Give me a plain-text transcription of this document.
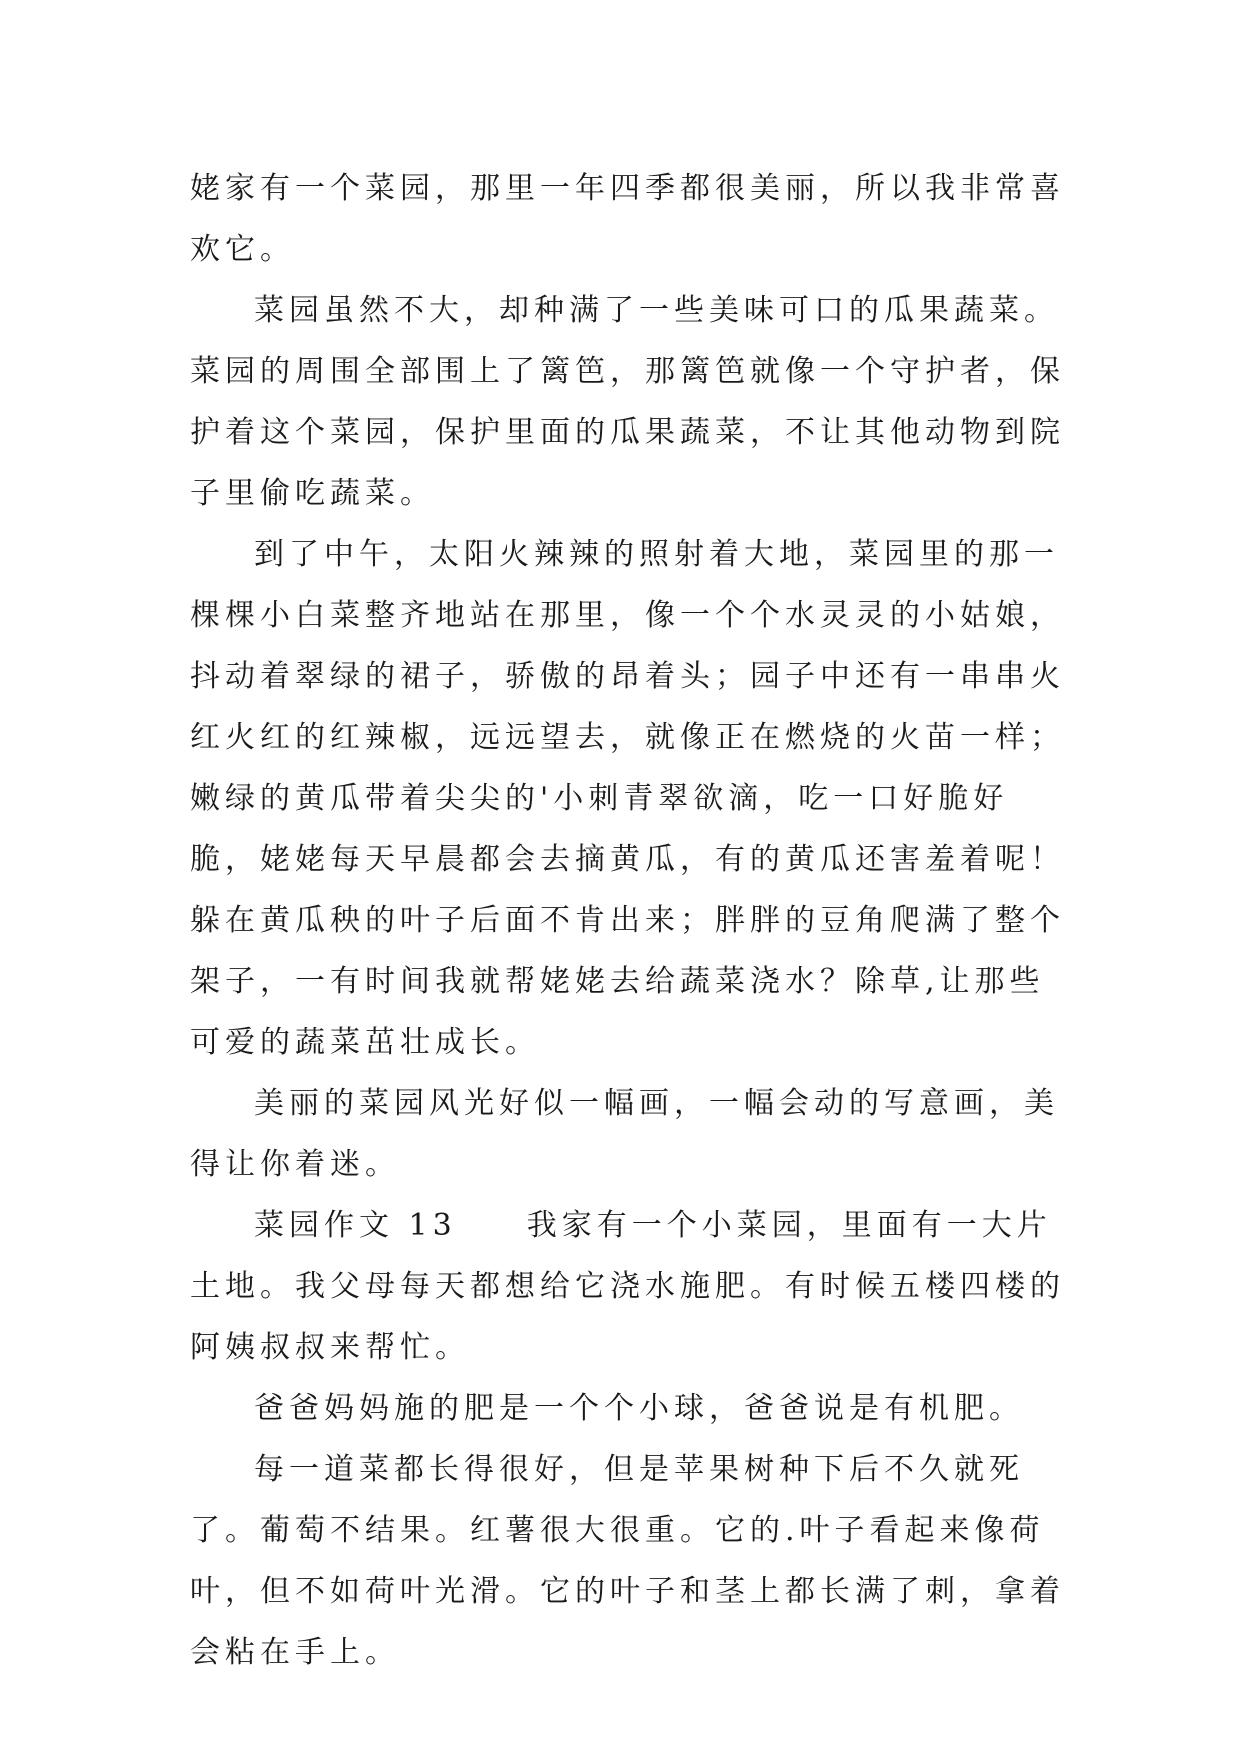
姥家有一个菜园，那里一年四季都很美丽，所以我非常喜欢它。

菜园虽然不大，却种满了一些美味可口的瓜果蔬菜。菜园的周围全部围上了篱笆，那篱笆就像一个守护者，保护着这个菜园，保护里面的瓜果蔬菜，不让其他动物到院子里偷吃蔬菜。

到了中午，太阳火辣辣的照射着大地，菜园里的那一棵棵小白菜整齐地站在那里，像一个个水灵灵的小姑娘，抖动着翠绿的裙子，骄傲的昂着头；园子中还有一串串火红火红的红辣椒，远远望去，就像正在燃烧的火苗一样；嫩绿的黄瓜带着尖尖的'小刺青翠欲滴，吃一口好脆好脆，姥姥每天早晨都会去摘黄瓜，有的黄瓜还害羞着呢！躲在黄瓜秧的叶子后面不肯出来；胖胖的豆角爬满了整个架子，一有时间我就帮姥姥去给蔬菜浇水？除草,让那些可爱的蔬菜茁壮成长。

美丽的菜园风光好似一幅画，一幅会动的写意画，美得让你着迷。

菜园作文 13　　我家有一个小菜园，里面有一大片土地。我父母每天都想给它浇水施肥。有时候五楼四楼的阿姨叔叔来帮忙。

爸爸妈妈施的肥是一个个小球，爸爸说是有机肥。

每一道菜都长得很好，但是苹果树种下后不久就死了。葡萄不结果。红薯很大很重。它的.叶子看起来像荷叶，但不如荷叶光滑。它的叶子和茎上都长满了刺，拿着会粘在手上。
